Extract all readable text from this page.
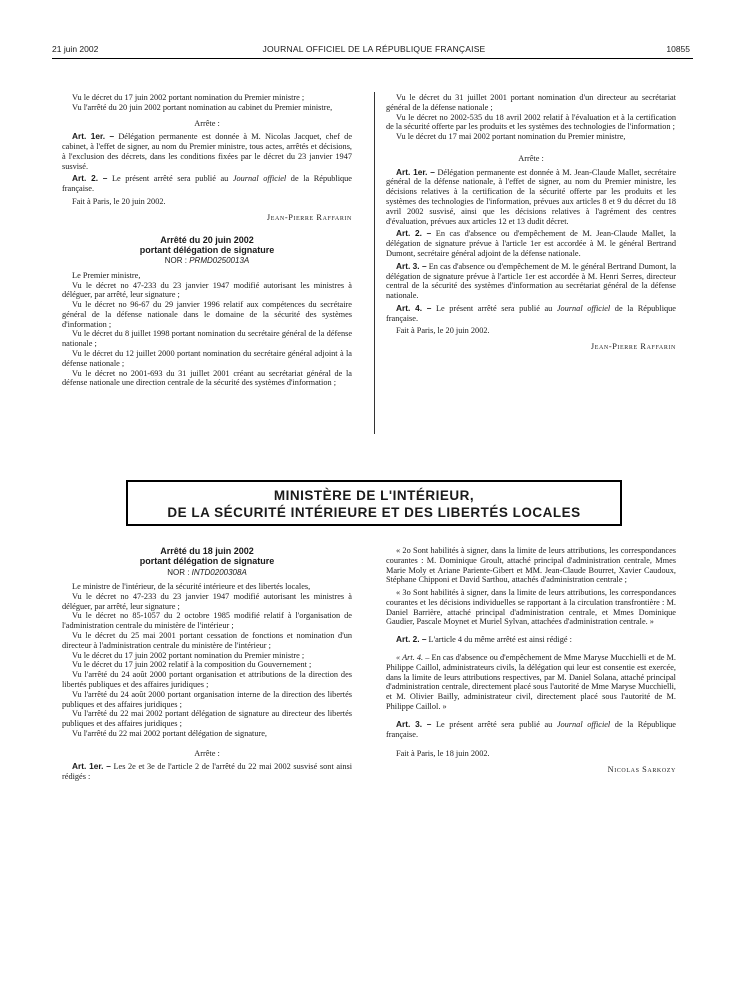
21 juin 2002	JOURNAL OFFICIEL DE LA RÉPUBLIQUE FRANÇAISE	10855

Vu le décret du 17 juin 2002 portant nomination du Premier ministre ;

Vu l'arrêté du 20 juin 2002 portant nomination au cabinet du Premier ministre,

Arrête :

Art. 1er. – Délégation permanente est donnée à M. Nicolas Jacquet, chef de cabinet, à l'effet de signer, au nom du Premier ministre, tous actes, arrêtés et décisions, à l'exclusion des décrets, dans les conditions fixées par le décret du 23 janvier 1947 susvisé.

Art. 2. – Le présent arrêté sera publié au Journal officiel de la République française.

Fait à Paris, le 20 juin 2002.

Jean-Pierre Raffarin

Arrêté du 20 juin 2002
portant délégation de signature
NOR : PRMD0250013A

Le Premier ministre,

Vu le décret no 47-233 du 23 janvier 1947 modifié autorisant les ministres à déléguer, par arrêté, leur signature ;

Vu le décret no 96-67 du 29 janvier 1996 relatif aux compétences du secrétaire général de la défense nationale dans le domaine de la sécurité des systèmes d'information ;

Vu le décret du 8 juillet 1998 portant nomination du secrétaire général de la défense nationale ;

Vu le décret du 12 juillet 2000 portant nomination du secrétaire général adjoint à la défense nationale ;

Vu le décret no 2001-693 du 31 juillet 2001 créant au secrétariat général de la défense nationale une direction centrale de la sécurité des systèmes d'information ;

Vu le décret du 31 juillet 2001 portant nomination d'un directeur au secrétariat général de la défense nationale ;

Vu le décret no 2002-535 du 18 avril 2002 relatif à l'évaluation et à la certification de la sécurité offerte par les produits et les systèmes des technologies de l'information ;

Vu le décret du 17 mai 2002 portant nomination du Premier ministre,

Arrête :

Art. 1er. – Délégation permanente est donnée à M. Jean-Claude Mallet, secrétaire général de la défense nationale, à l'effet de signer, au nom du Premier ministre, les décisions relatives à la certification de la sécurité offerte par les produits et les systèmes des technologies de l'information, prévues aux articles 8 et 9 du décret du 18 avril 2002 susvisé, ainsi que les décisions relatives à l'agrément des centres d'évaluation, prévues aux articles 12 et 13 dudit décret.

Art. 2. – En cas d'absence ou d'empêchement de M. Jean-Claude Mallet, la délégation de signature prévue à l'article 1er est accordée à M. le général Bertrand Dumont, secrétaire général adjoint de la défense nationale.

Art. 3. – En cas d'absence ou d'empêchement de M. le général Bertrand Dumont, la délégation de signature prévue à l'article 1er est accordée à M. Henri Serres, directeur central de la sécurité des systèmes d'information au secrétariat général de la défense nationale.

Art. 4. – Le présent arrêté sera publié au Journal officiel de la République française.

Fait à Paris, le 20 juin 2002.

Jean-Pierre Raffarin

MINISTÈRE DE L'INTÉRIEUR,
DE LA SÉCURITÉ INTÉRIEURE ET DES LIBERTÉS LOCALES
Arrêté du 18 juin 2002
portant délégation de signature
NOR : INTD0200308A

Le ministre de l'intérieur, de la sécurité intérieure et des libertés locales,

Vu le décret no 47-233 du 23 janvier 1947 modifié autorisant les ministres à déléguer, par arrêté, leur signature ;

Vu le décret no 85-1057 du 2 octobre 1985 modifié relatif à l'organisation de l'administration centrale du ministère de l'intérieur ;

Vu le décret du 25 mai 2001 portant cessation de fonctions et nomination d'un directeur à l'administration centrale du ministère de l'intérieur ;

Vu le décret du 17 juin 2002 portant nomination du Premier ministre ;

Vu le décret du 17 juin 2002 relatif à la composition du Gouvernement ;

Vu l'arrêté du 24 août 2000 portant organisation et attributions de la direction des libertés publiques et des affaires juridiques ;

Vu l'arrêté du 24 août 2000 portant organisation interne de la direction des libertés publiques et des affaires juridiques ;

Vu l'arrêté du 22 mai 2002 portant délégation de signature au directeur des libertés publiques et des affaires juridiques ;

Vu l'arrêté du 22 mai 2002 portant délégation de signature,

Arrête :

Art. 1er. – Les 2e et 3e de l'article 2 de l'arrêté du 22 mai 2002 susvisé sont ainsi rédigés :

« 2o Sont habilités à signer, dans la limite de leurs attributions, les correspondances courantes : M. Dominique Groult, attaché principal d'administration centrale, Mmes Marie Moly et Ariane Pariente-Gibert et MM. Jean-Claude Bourret, Xavier Caudoux, Stéphane Chipponi et David Sarthou, attachés d'administration centrale ;

« 3o Sont habilités à signer, dans la limite de leurs attributions, les correspondances courantes et les décisions individuelles se rapportant à la circulation transfrontière : M. Daniel Barrière, attaché principal d'administration centrale, et Mmes Dominique Gaudier, Pascale Moynet et Muriel Sylvan, attachées d'administration centrale. »

Art. 2. – L'article 4 du même arrêté est ainsi rédigé :

« Art. 4. – En cas d'absence ou d'empêchement de Mme Maryse Mucchielli et de M. Philippe Caillol, administrateurs civils, la délégation qui leur est consentie est exercée, dans la limite de leurs attributions respectives, par M. Daniel Solana, attaché principal d'administration centrale, directement placé sous l'autorité de Mme Maryse Mucchielli, et M. Olivier Bailly, administrateur civil, directement placé sous l'autorité de M. Philippe Caillol. »

Art. 3. – Le présent arrêté sera publié au Journal officiel de la République française.

Fait à Paris, le 18 juin 2002.

Nicolas Sarkozy
